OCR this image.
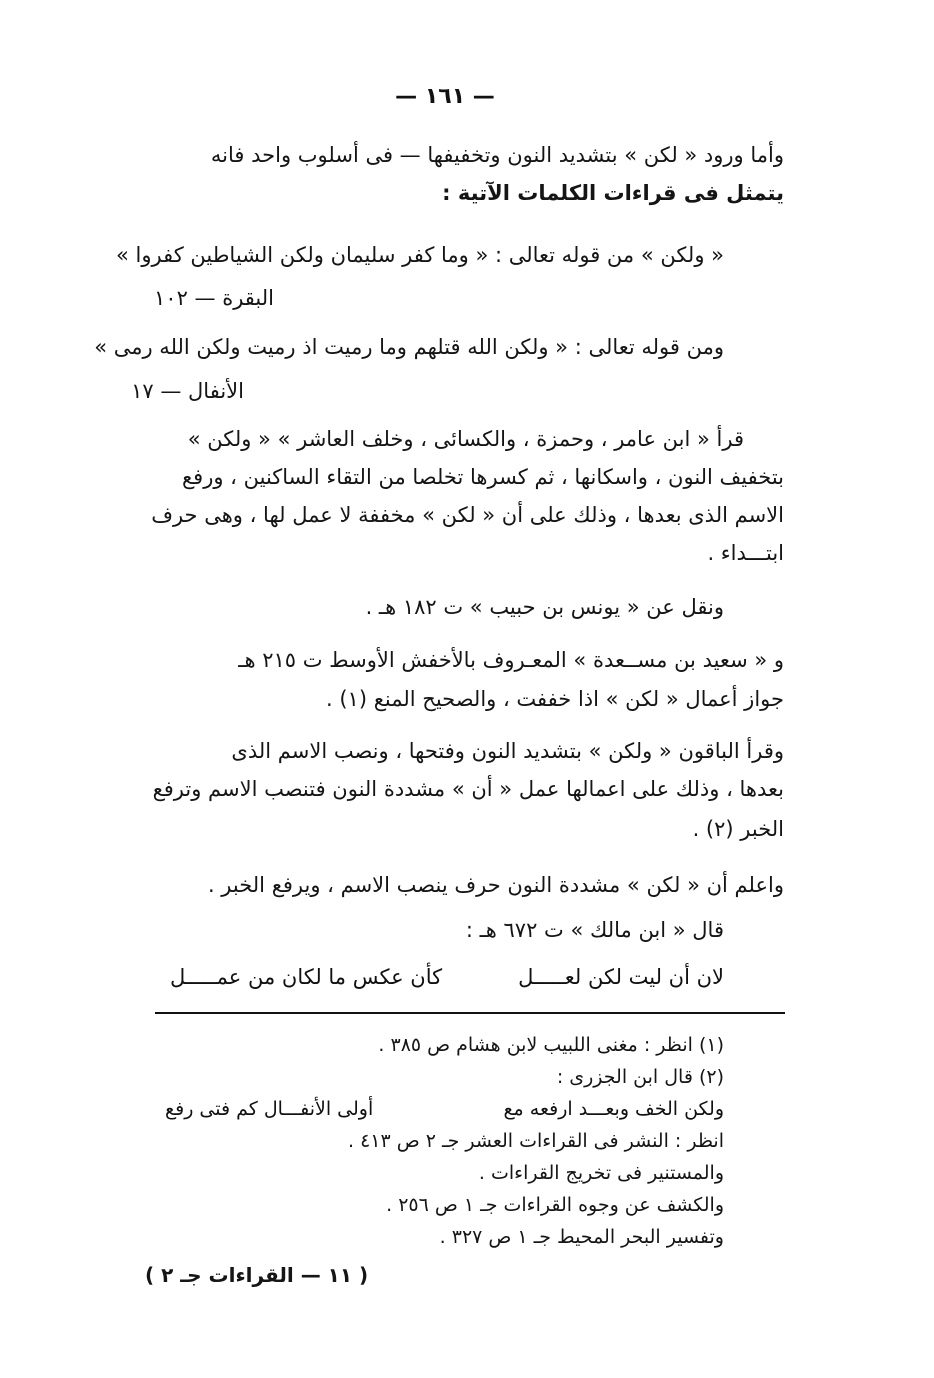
— ١٦١ —
وأما ورود « لكن » بتشديد النون وتخفيفها — فى أسلوب واحد فانه
يتمثل فى قراءات الكلمات الآتية :
« ولكن » من قوله تعالى : « وما كفر سليمان ولكن الشياطين كفروا »
البقرة — ١٠٢
ومن قوله تعالى : « ولكن الله قتلهم وما رميت اذ رميت ولكن الله رمى »
الأنفال — ١٧
قرأ « ابن عامر ، وحمزة ، والكسائى ، وخلف العاشر » « ولكن »
بتخفيف النون ، واسكانها ، ثم كسرها تخلصا من التقاء الساكنين ، ورفع
الاسم الذى بعدها ، وذلك على أن « لكن » مخففة لا عمل لها ، وهى حرف
ابتـــداء .
ونقل عن « يونس بن حبيب » ت ١٨٢ هـ .
و « سعيد بن مســعدة » المعـروف بالأخفش الأوسط ت ٢١٥ هـ
جواز أعمال « لكن » اذا خففت ، والصحيح المنع (١) .
وقرأ الباقون « ولكن » بتشديد النون وفتحها ، ونصب الاسم الذى
بعدها ، وذلك على اعمالها عمل « أن » مشددة النون فتنصب الاسم وترفع
الخبر (٢) .
واعلم أن « لكن » مشددة النون حرف ينصب الاسم ، ويرفع الخبر .
قال « ابن مالك » ت ٦٧٢ هـ :
لان أن ليت لكن لعـــــل
كأن عكس ما لكان من عمـــــل
(١) انظر : مغنى اللبيب لابن هشام ص ٣٨٥ .
(٢) قال ابن الجزرى :
ولكن الخف وبعـــد ارفعه مع
أولى الأنفـــال كم فتى رفع
انظر : النشر فى القراءات العشر جـ ٢ ص ٤١٣ .
والمستنير فى تخريج القراءات .
والكشف عن وجوه القراءات جـ ١ ص ٢٥٦ .
وتفسير البحر المحيط جـ ١ ص ٣٢٧ .
( ١١ — القراءات جـ ٢ )
